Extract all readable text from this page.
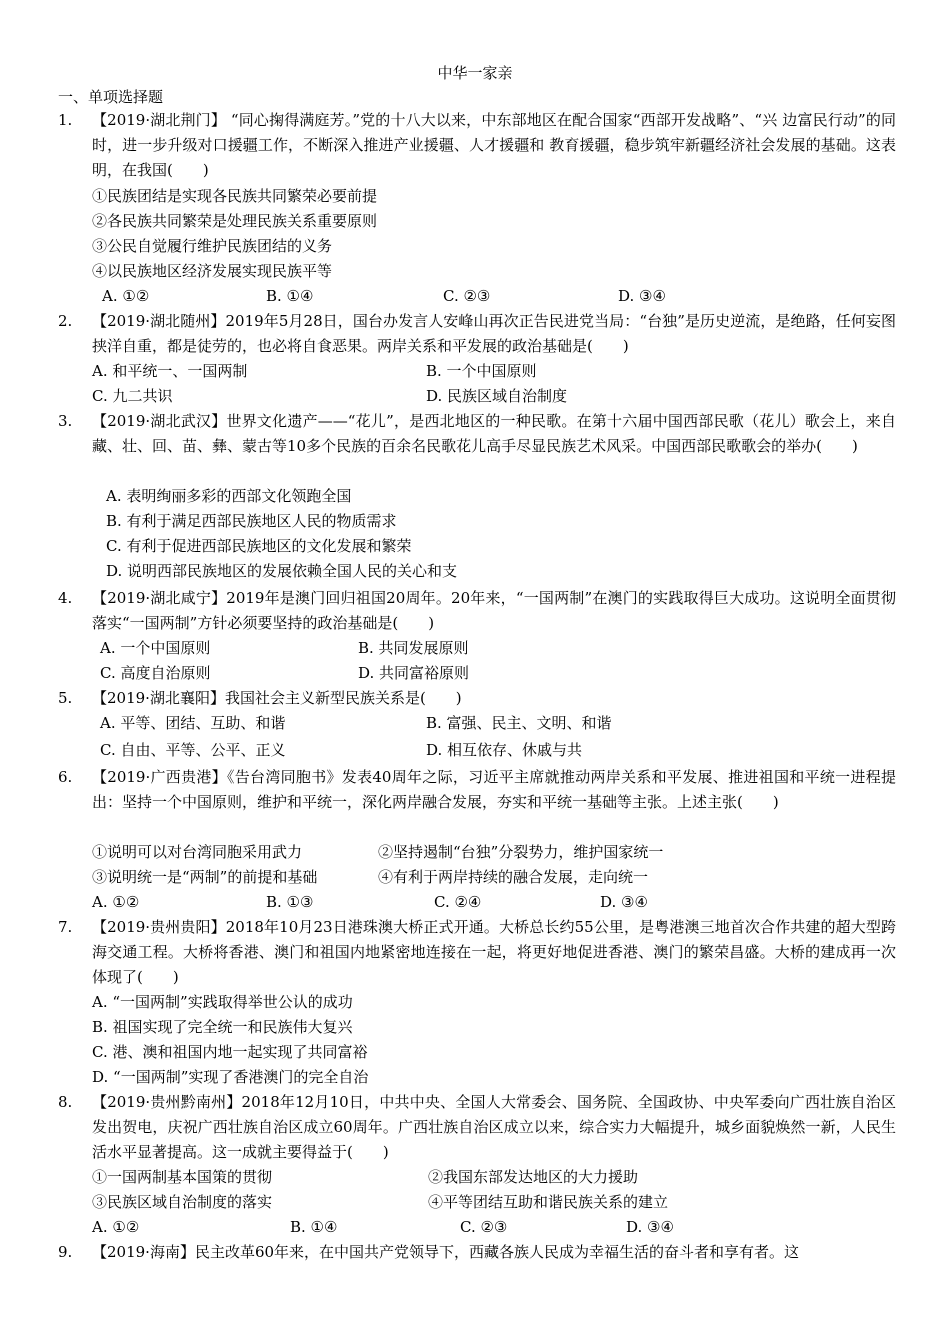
中华一家亲
一、单项选择题
1.	【2019·湖北荆门】 “同心掬得满庭芳。”党的十八大以来，中东部地区在配合国家“西部开发战略”、“兴 边富民行动”的同时，进一步升级对口援疆工作，不断深入推进产业援疆、人才援疆和 教育援疆，稳步筑牢新疆经济社会发展的基础。这表明，在我国(　　)
①民族团结是实现各民族共同繁荣必要前提
②各民族共同繁荣是处理民族关系重要原则
③公民自觉履行维护民族团结的义务
④以民族地区经济发展实现民族平等
A. ①②	B. ①④	C. ②③	D. ③④
2.	【2019·湖北随州】2019年5月28日，国台办发言人安峰山再次正告民进党当局：“台独”是历史逆流，是绝路，任何妄图挟洋自重，都是徒劳的，也必将自食恶果。两岸关系和平发展的政治基础是(　　)
A. 和平统一、一国两制	B. 一个中国原则
C. 九二共识	D. 民族区域自治制度
3.	【2019·湖北武汉】世界文化遗产——“花儿”，是西北地区的一种民歌。在第十六届中国西部民歌（花儿）歌会上，来自藏、壮、回、苗、彝、蒙古等10多个民族的百余名民歌花儿高手尽显民族艺术风采。中国西部民歌歌会的举办(　　)
A. 表明绚丽多彩的西部文化领跑全国
B. 有利于满足西部民族地区人民的物质需求
C. 有利于促进西部民族地区的文化发展和繁荣
D. 说明西部民族地区的发展依赖全国人民的关心和支
4.	【2019·湖北咸宁】2019年是澳门回归祖国20周年。20年来，“一国两制”在澳门的实践取得巨大成功。这说明全面贯彻落实“一国两制”方针必须要坚持的政治基础是(　　)
A. 一个中国原则	B. 共同发展原则
C. 高度自治原则	D. 共同富裕原则
5.	【2019·湖北襄阳】我国社会主义新型民族关系是(　　)
A. 平等、团结、互助、和谐	B. 富强、民主、文明、和谐
C. 自由、平等、公平、正义	D. 相互依存、休戚与共
6.	【2019·广西贵港】《告台湾同胞书》发表40周年之际，习近平主席就推动两岸关系和平发展、推进祖国和平统一进程提出：坚持一个中国原则，维护和平统一，深化两岸融合发展，夯实和平统一基础等主张。上述主张(　　)
①说明可以对台湾同胞采用武力	②坚持遏制“台独”分裂势力，维护国家统一
③说明统一是“两制”的前提和基础	④有利于两岸持续的融合发展，走向统一
A. ①②	B. ①③	C. ②④	D. ③④
7.	【2019·贵州贵阳】2018年10月23日港珠澳大桥正式开通。大桥总长约55公里，是粤港澳三地首次合作共建的超大型跨海交通工程。大桥将香港、澳门和祖国内地紧密地连接在一起，将更好地促进香港、澳门的繁荣昌盛。大桥的建成再一次体现了(　　)
A. “一国两制”实践取得举世公认的成功
B. 祖国实现了完全统一和民族伟大复兴
C. 港、澳和祖国内地一起实现了共同富裕
D. “一国两制”实现了香港澳门的完全自治
8.	【2019·贵州黔南州】2018年12月10日，中共中央、全国人大常委会、国务院、全国政协、中央军委向广西壮族自治区发出贺电，庆祝广西壮族自治区成立60周年。广西壮族自治区成立以来，综合实力大幅提升，城乡面貌焕然一新，人民生活水平显著提高。这一成就主要得益于(　　)
①一国两制基本国策的贯彻	②我国东部发达地区的大力援助
③民族区域自治制度的落实	④平等团结互助和谐民族关系的建立
A. ①②	B. ①④	C. ②③	D. ③④
9.	【2019·海南】民主改革60年来，在中国共产党领导下，西藏各族人民成为幸福生活的奋斗者和享有者。这
